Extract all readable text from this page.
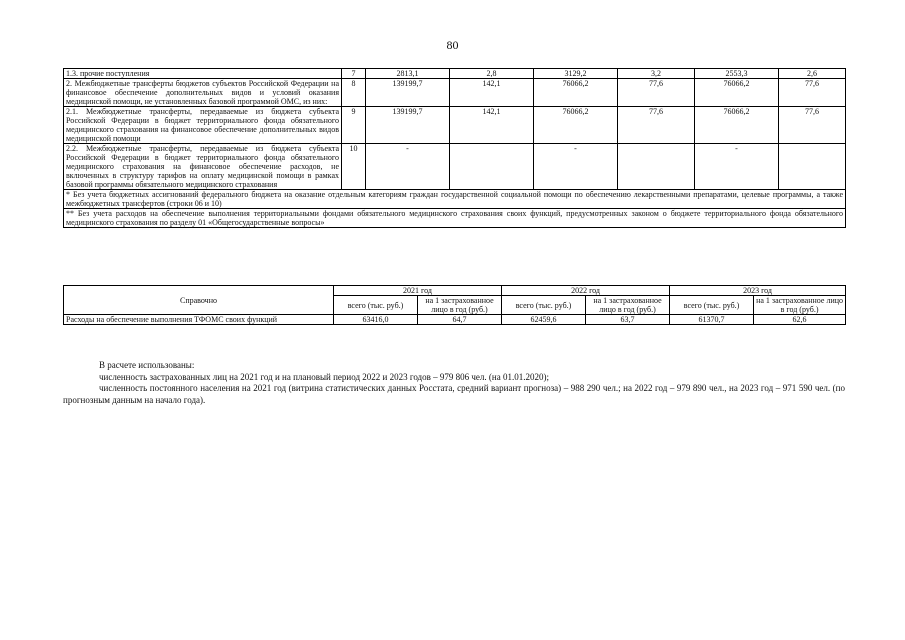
80
1.3. прочие поступления	7	2813,1	2,8	3129,2	3,2	2553,3	2,6
2. Межбюджетные трансферты бюджетов субъектов Российской Федерации на финансовое обеспечение дополнительных видов и условий оказания медицинской помощи, не установленных базовой программой ОМС, из них:	8	139199,7	142,1	76066,2	77,6	76066,2	77,6
2.1. Межбюджетные трансферты, передаваемые из бюджета субъекта Российской Федерации в бюджет территориального фонда обязательного медицинского страхования на финансовое обеспечение дополнительных видов медицинской помощи	9	139199,7	142,1	76066,2	77,6	76066,2	77,6
2.2. Межбюджетные трансферты, передаваемые из бюджета субъекта Российской Федерации в бюджет территориального фонда обязательного медицинского страхования на финансовое обеспечение расходов, не включенных в структуру тарифов на оплату медицинской помощи в рамках базовой программы обязательного медицинского страхования	10	-		-		-	
* Без учета бюджетных ассигнований федерального бюджета на оказание отдельным категориям граждан государственной социальной помощи по обеспечению лекарственными препаратами, целевые программы, а также межбюджетных трансфертов (строки 06 и 10)							
** Без учета расходов на обеспечение выполнения территориальными фондами обязательного медицинского страхования своих функций, предусмотренных законом о бюджете территориального фонда обязательного медицинского страхования по разделу 01 «Общегосударственные вопросы»							
Справочно	2021 год		2022 год		2023 год	
	всего (тыс. руб.)	на 1 застрахованное лицо в год (руб.)	всего (тыс. руб.)	на 1 застрахованное лицо в год (руб.)	всего (тыс. руб.)	на 1 застрахованное лицо в год (руб.)
Расходы на обеспечение выполнения ТФОМС своих функций	63416,0	64,7	62459,6	63,7	61370,7	62,6

В расчете использованы:

численность застрахованных лиц на 2021 год и на плановый период 2022 и 2023 годов – 979 806 чел. (на 01.01.2020);

численность постоянного населения на 2021 год (витрина статистических данных Росстата, средний вариант прогноза) – 988 290 чел.; на 2022 год – 979 890 чел., на 2023 год – 971 590 чел. (по прогнозным данным на начало года).
